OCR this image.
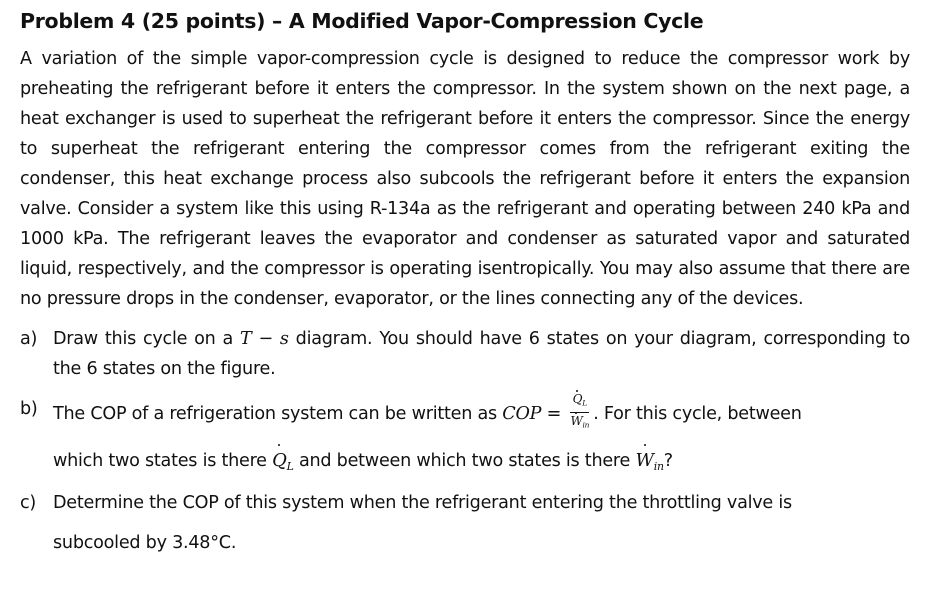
Problem 4 (25 points) – A Modified Vapor-Compression Cycle

A variation of the simple vapor-compression cycle is designed to reduce the compressor work by preheating the refrigerant before it enters the compressor. In the system shown on the next page, a heat exchanger is used to superheat the refrigerant before it enters the compressor. Since the energy to superheat the refrigerant entering the compressor comes from the refrigerant exiting the condenser, this heat exchange process also subcools the refrigerant before it enters the expansion valve. Consider a system like this using R-134a as the refrigerant and operating between 240 kPa and 1000 kPa. The refrigerant leaves the evaporator and condenser as saturated vapor and saturated liquid, respectively, and the compressor is operating isentropically. You may also assume that there are no pressure drops in the condenser, evaporator, or the lines connecting any of the devices.

a) Draw this cycle on a T − s diagram. You should have 6 states on your diagram, corresponding to the 6 states on the figure.
b) The COP of a refrigeration system can be written as COP = $\frac{Q_L}{W_{in}}$ . For this cycle, between
which two states is there $Q_L$ and between which two states is there $W_{in}$?
c) Determine the COP of this system when the refrigerant entering the throttling valve is
subcooled by 3.48°C.
